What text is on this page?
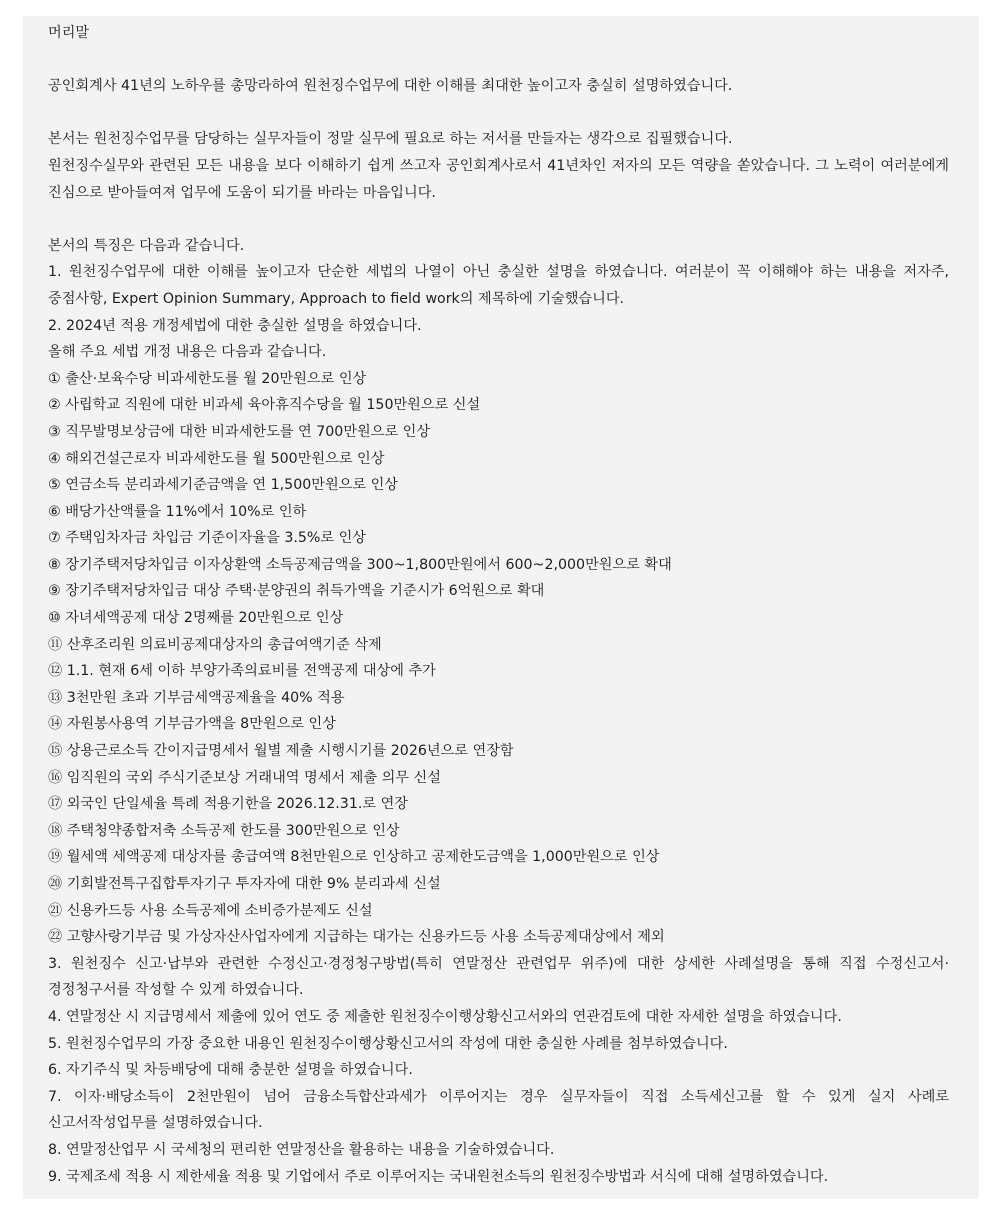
머리말

공인회계사 41년의 노하우를 총망라하여 원천징수업무에 대한 이해를 최대한 높이고자 충실히 설명하였습니다.

본서는 원천징수업무를 담당하는 실무자들이 정말 실무에 필요로 하는 저서를 만들자는 생각으로 집필했습니다.

원천징수실무와 관련된 모든 내용을 보다 이해하기 쉽게 쓰고자 공인회계사로서 41년차인 저자의 모든 역량을 쏟았습니다. 그 노력이 여러분에게 진심으로 받아들여져 업무에 도움이 되기를 바라는 마음입니다.

본서의 특징은 다음과 같습니다.

1. 원천징수업무에 대한 이해를 높이고자 단순한 세법의 나열이 아닌 충실한 설명을 하였습니다. 여러분이 꼭 이해해야 하는 내용을 저자주, 중점사항, Expert Opinion Summary, Approach to field work의 제목하에 기술했습니다.

2. 2024년 적용 개정세법에 대한 충실한 설명을 하였습니다.

올해 주요 세법 개정 내용은 다음과 같습니다.

① 출산·보육수당 비과세한도를 월 20만원으로 인상

② 사립학교 직원에 대한 비과세 육아휴직수당을 월 150만원으로 신설

③ 직무발명보상금에 대한 비과세한도를 연 700만원으로 인상

④ 해외건설근로자 비과세한도를 월 500만원으로 인상

⑤ 연금소득 분리과세기준금액을 연 1,500만원으로 인상

⑥ 배당가산액률을 11%에서 10%로 인하

⑦ 주택임차자금 차입금 기준이자율을 3.5%로 인상

⑧ 장기주택저당차입금 이자상환액 소득공제금액을 300~1,800만원에서 600~2,000만원으로 확대

⑨ 장기주택저당차입금 대상 주택·분양권의 취득가액을 기준시가 6억원으로 확대

⑩ 자녀세액공제 대상 2명째를 20만원으로 인상

⑪ 산후조리원 의료비공제대상자의 총급여액기준 삭제

⑫ 1.1. 현재 6세 이하 부양가족의료비를 전액공제 대상에 추가

⑬ 3천만원 초과 기부금세액공제율을 40% 적용

⑭ 자원봉사용역 기부금가액을 8만원으로 인상

⑮ 상용근로소득 간이지급명세서 월별 제출 시행시기를 2026년으로 연장함

⑯ 임직원의 국외 주식기준보상 거래내역 명세서 제출 의무 신설

⑰ 외국인 단일세율 특례 적용기한을 2026.12.31.로 연장

⑱ 주택청약종합저축 소득공제 한도를 300만원으로 인상

⑲ 월세액 세액공제 대상자를 총급여액 8천만원으로 인상하고 공제한도금액을 1,000만원으로 인상

⑳ 기회발전특구집합투자기구 투자자에 대한 9% 분리과세 신설

㉑ 신용카드등 사용 소득공제에 소비증가분제도 신설

㉒ 고향사랑기부금 및 가상자산사업자에게 지급하는 대가는 신용카드등 사용 소득공제대상에서 제외

3. 원천징수 신고·납부와 관련한 수정신고·경정청구방법(특히 연말정산 관련업무 위주)에 대한 상세한 사례설명을 통해 직접 수정신고서·경정청구서를 작성할 수 있게 하였습니다.

4. 연말정산 시 지급명세서 제출에 있어 연도 중 제출한 원천징수이행상황신고서와의 연관검토에 대한 자세한 설명을 하였습니다.

5. 원천징수업무의 가장 중요한 내용인 원천징수이행상황신고서의 작성에 대한 충실한 사례를 첨부하였습니다.

6. 자기주식 및 차등배당에 대해 충분한 설명을 하였습니다.

7. 이자·배당소득이 2천만원이 넘어 금융소득합산과세가 이루어지는 경우 실무자들이 직접 소득세신고를 할 수 있게 실지 사례로 신고서작성업무를 설명하였습니다.

8. 연말정산업무 시 국세청의 편리한 연말정산을 활용하는 내용을 기술하였습니다.

9. 국제조세 적용 시 제한세율 적용 및 기업에서 주로 이루어지는 국내원천소득의 원천징수방법과 서식에 대해 설명하였습니다.
